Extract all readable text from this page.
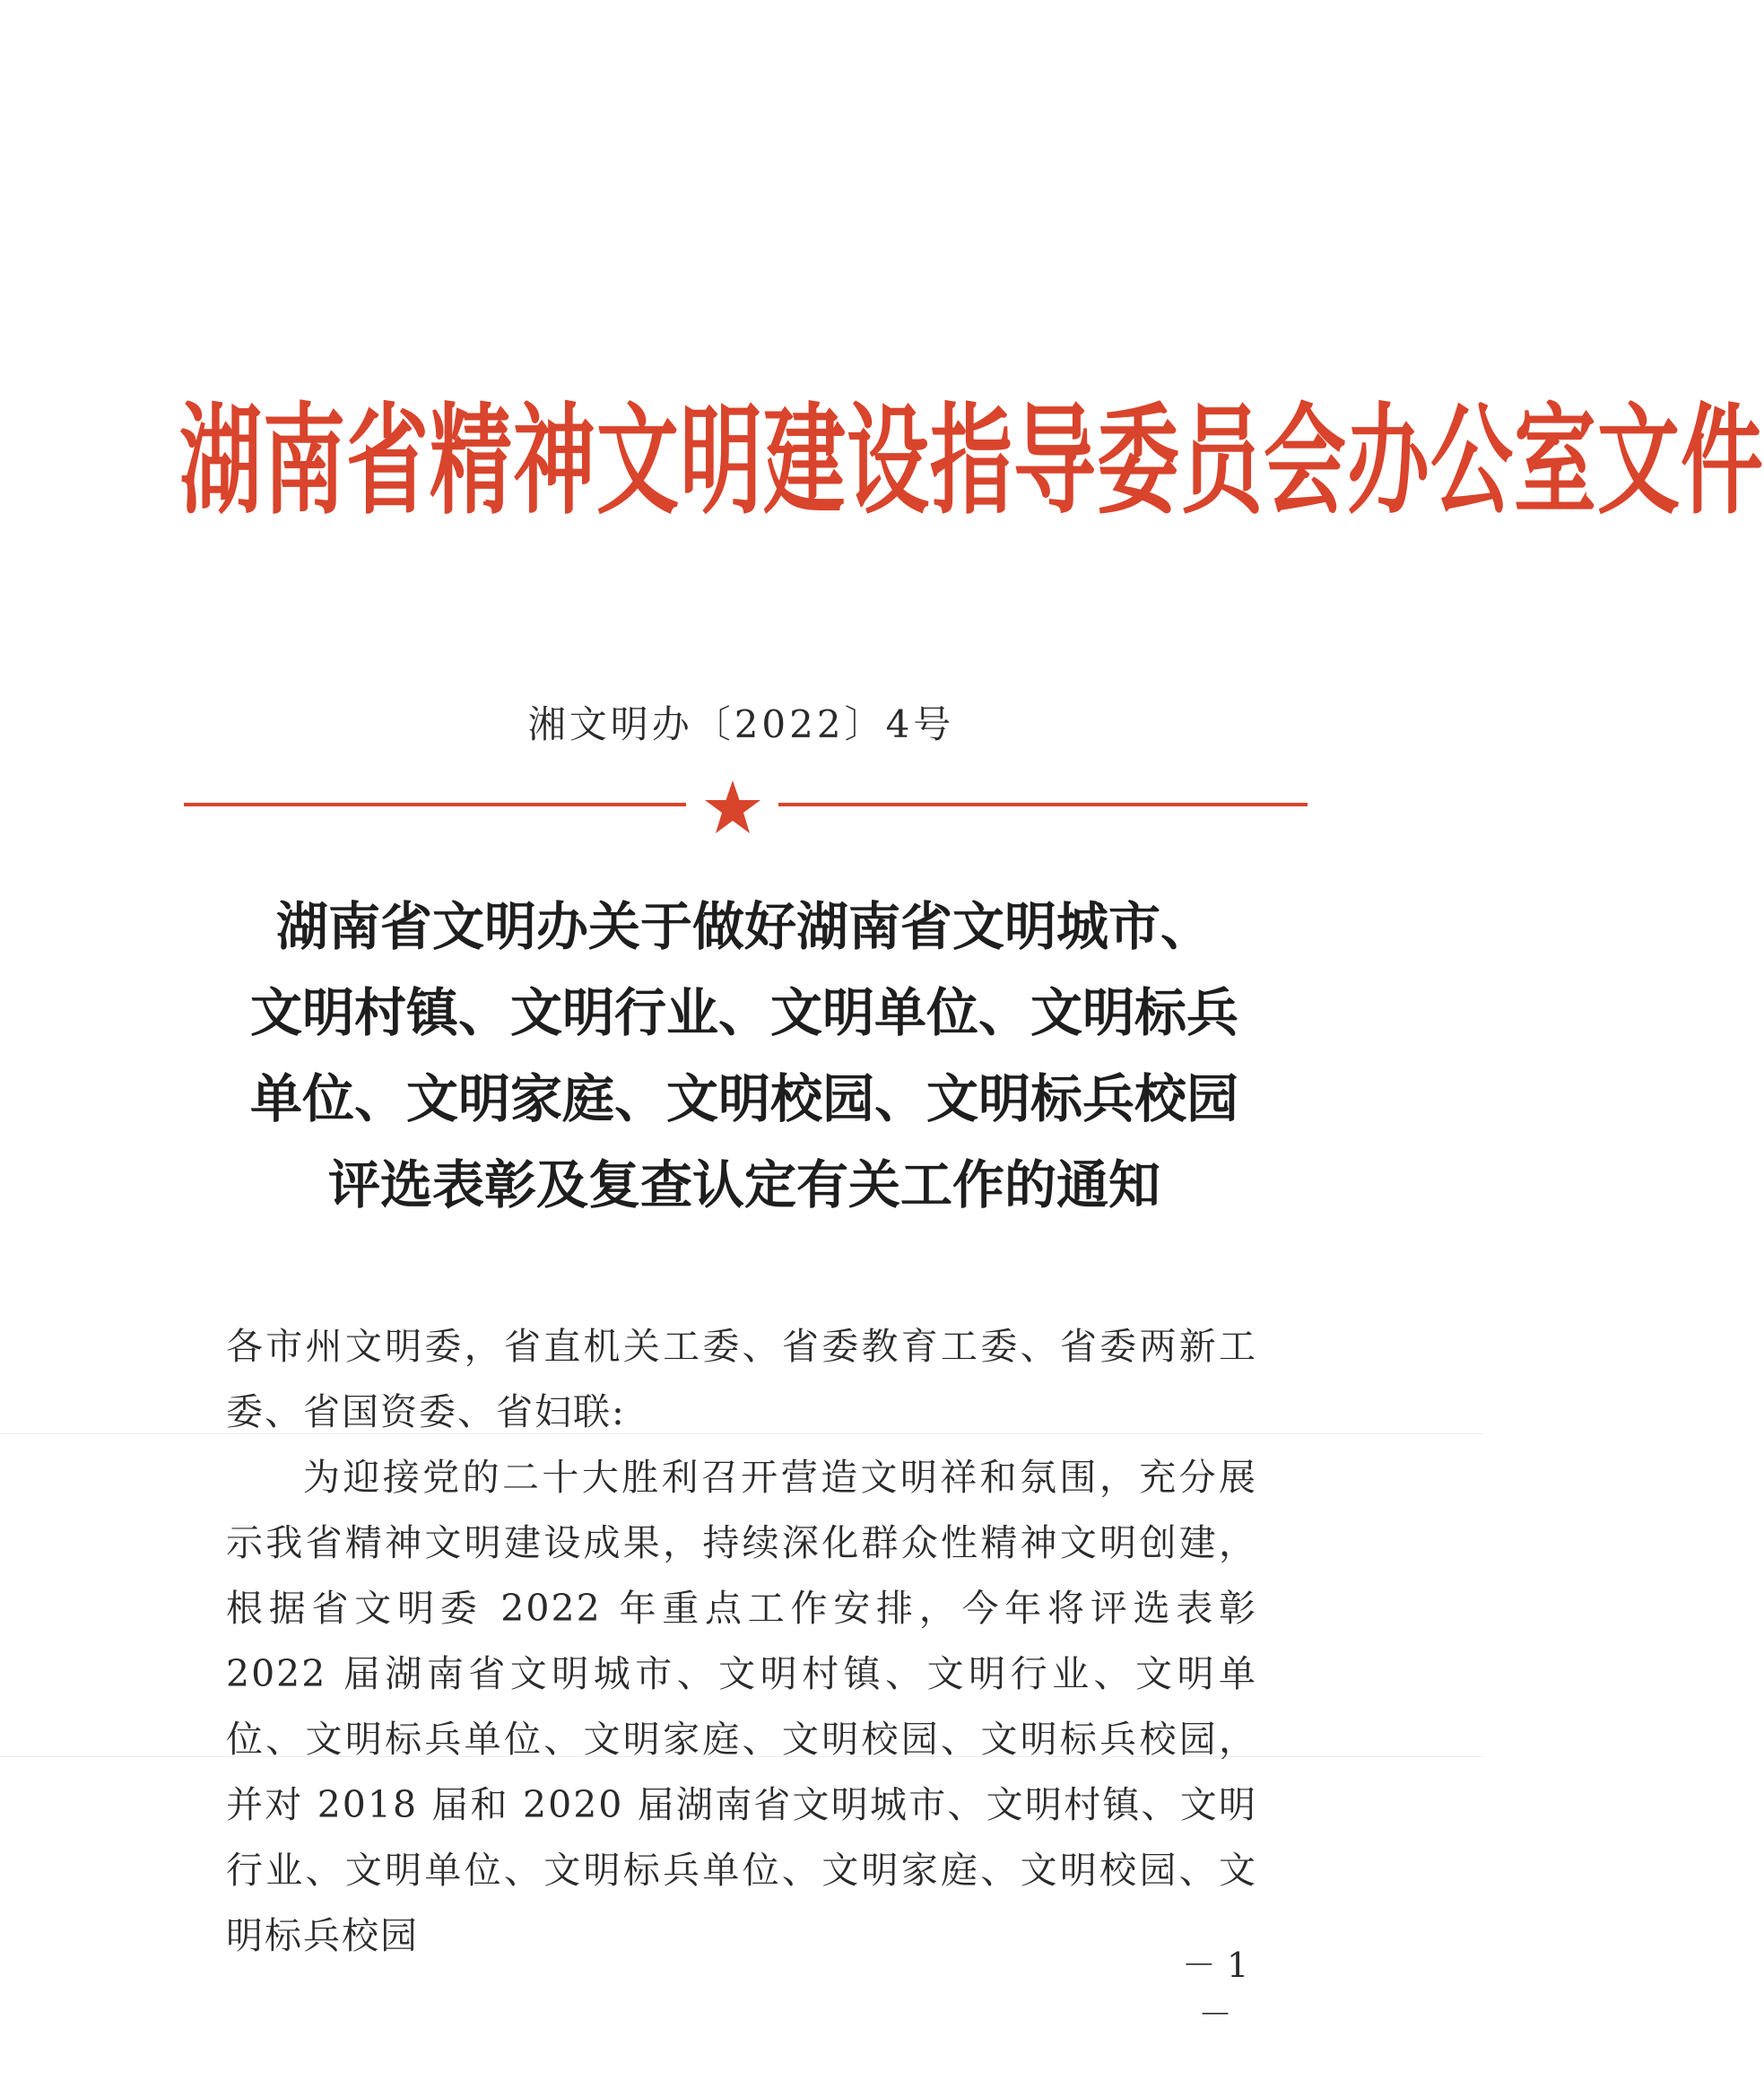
湖南省精神文明建设指导委员会办公室文件
湘文明办〔2022〕4号
湖南省文明办关于做好湖南省文明城市、
文明村镇、文明行业、文明单位、文明标兵
单位、文明家庭、文明校园、文明标兵校园
评选表彰及复查认定有关工作的通知

各市州文明委，省直机关工委、省委教育工委、省委两新工委、省国资委、省妇联:

为迎接党的二十大胜利召开营造文明祥和氛围，充分展示我省精神文明建设成果，持续深化群众性精神文明创建，根据省文明委 2022 年重点工作安排，今年将评选表彰 2022 届湖南省文明城市、文明村镇、文明行业、文明单位、文明标兵单位、文明家庭、文明校园、文明标兵校园，并对 2018 届和 2020 届湖南省文明城市、文明村镇、文明行业、文明单位、文明标兵单位、文明家庭、文明校园、文明标兵校园

－ 1 －
